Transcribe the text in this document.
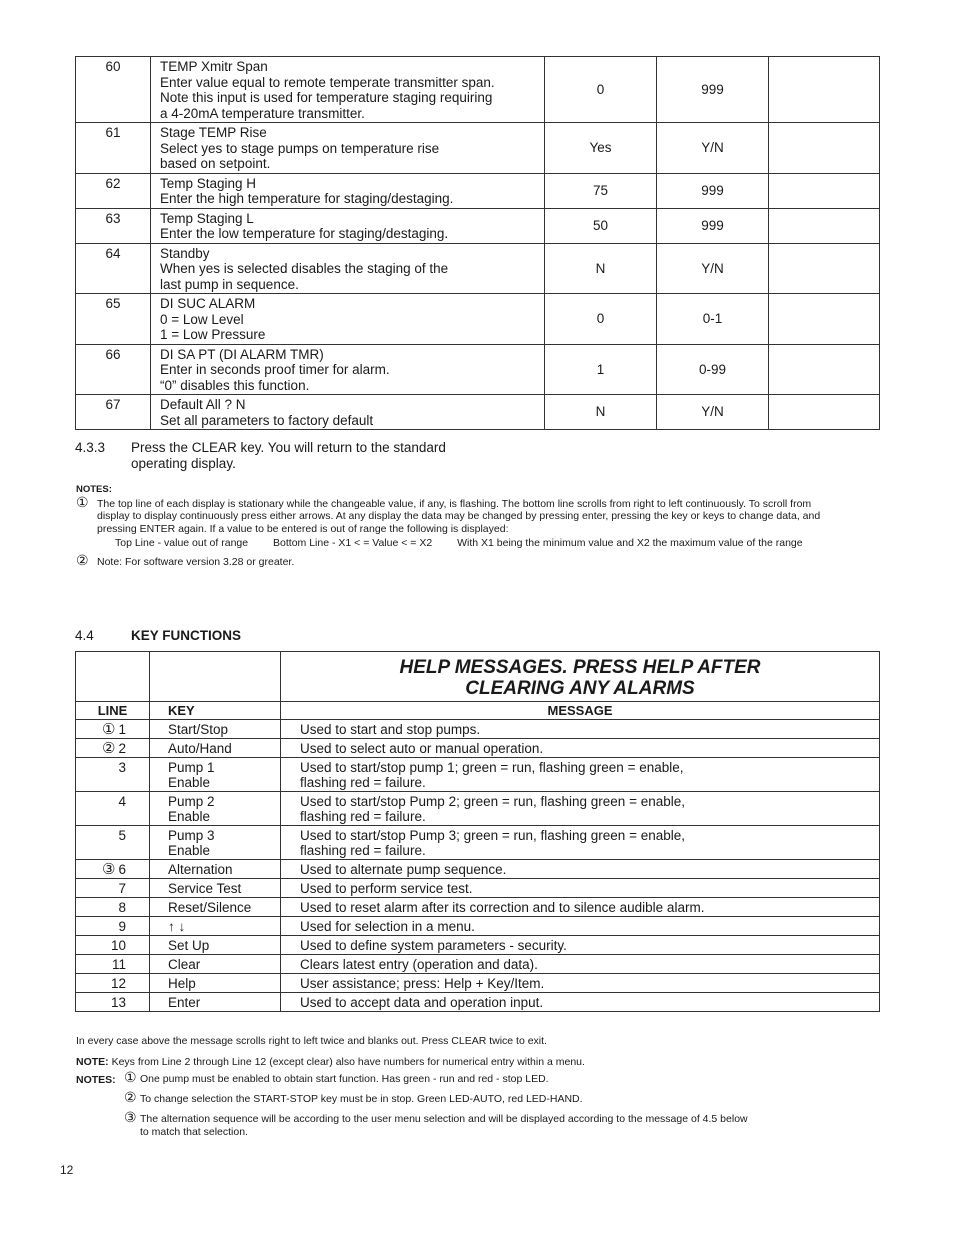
60	TEMP Xmitr Span
Enter value equal to remote temperate transmitter span.
Note this input is used for temperature staging requiring
a 4-20mA temperature transmitter.	0	999	
61	Stage TEMP Rise
Select yes to stage pumps on temperature rise
based on setpoint.	Yes	Y/N	
62	Temp Staging H
Enter the high temperature for staging/destaging.	75	999	
63	Temp Staging L
Enter the low temperature for staging/destaging.	50	999	
64	Standby
When yes is selected disables the staging of the
last pump in sequence.	N	Y/N	
65	DI SUC ALARM
0 = Low Level
1 = Low Pressure	0	0-1	
66	DI SA PT (DI ALARM TMR)
Enter in seconds proof timer for alarm.
“0” disables this function.	1	0-99	
67	Default All ? N
Set all parameters to factory default	N	Y/N	
4.3.3 Press the CLEAR key. You will return to the standard
operating display.
NOTES:
① The top line of each display is stationary while the changeable value, if any, is flashing. The bottom line scrolls from right to left continuously. To scroll from
display to display continuously press either arrows. At any display the data may be changed by pressing enter, pressing the key or keys to change data, and
pressing ENTER again. If a value to be entered is out of range the following is displayed:
Top Line - value out of range Bottom Line - X1 < = Value < = X2 With X1 being the minimum value and X2 the maximum value of the range
② Note: For software version 3.28 or greater.
4.4	KEY FUNCTIONS

		HELP MESSAGES. PRESS HELP AFTER
CLEARING ANY ALARMS

LINE	KEY	MESSAGE
① 1	Start/Stop	Used to start and stop pumps.

② 2	Auto/Hand	Used to select auto or manual operation.

3	Pump 1
Enable	Used to start/stop pump 1; green = run, flashing green = enable,
flashing red = failure.

4	Pump 2
Enable	Used to start/stop Pump 2; green = run, flashing green = enable,
flashing red = failure.

5	Pump 3
Enable	Used to start/stop Pump 3; green = run, flashing green = enable,
flashing red = failure.

③ 6	Alternation	Used to alternate pump sequence.

7	Service Test	Used to perform service test.

8	Reset/Silence	Used to reset alarm after its correction and to silence audible alarm.

9	↑ ↓	Used for selection in a menu.

10	Set Up	Used to define system parameters - security.

11	Clear	Clears latest entry (operation and data).

12	Help	User assistance; press: Help + Key/Item.

13	Enter	Used to accept data and operation input.
In every case above the message scrolls right to left twice and blanks out. Press CLEAR twice to exit.
NOTE: Keys from Line 2 through Line 12 (except clear) also have numbers for numerical entry within a menu.
NOTES: ① One pump must be enabled to obtain start function. Has green - run and red - stop LED.
② To change selection the START-STOP key must be in stop. Green LED-AUTO, red LED-HAND.
③ The alternation sequence will be according to the user menu selection and will be displayed according to the message of 4.5 below
to match that selection.
12
